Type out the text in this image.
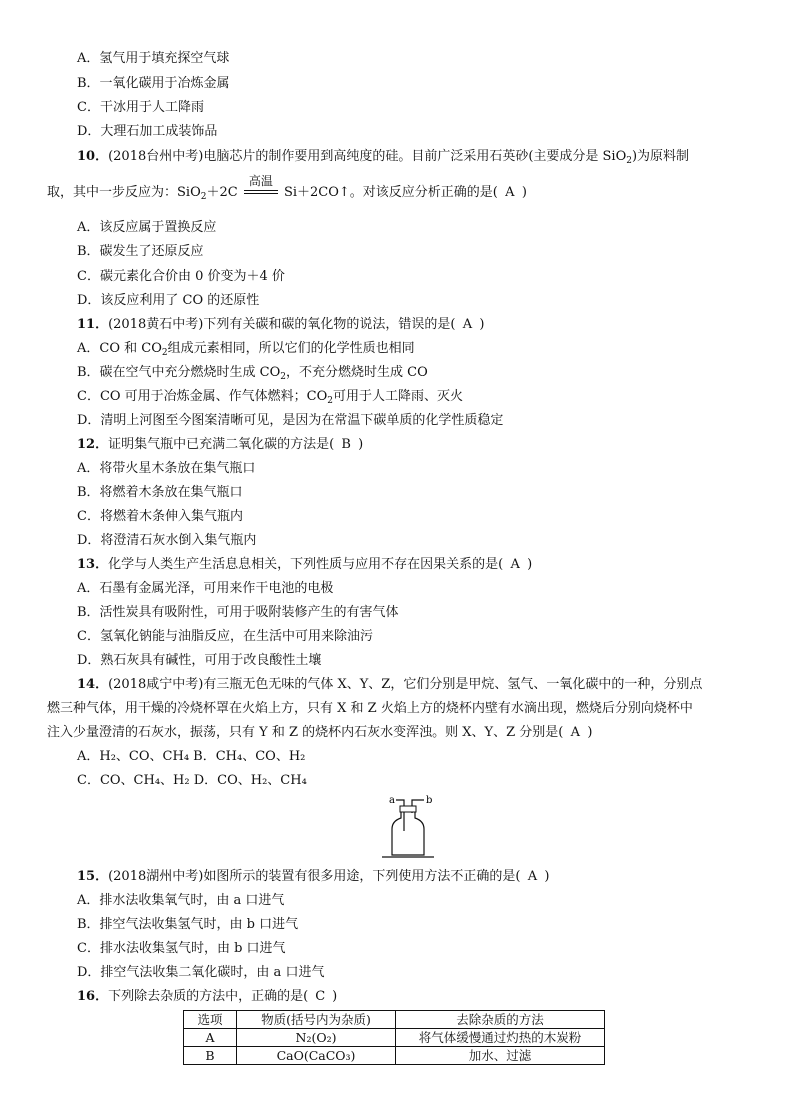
A．氢气用于填充探空气球
B．一氧化碳用于冶炼金属
C．干冰用于人工降雨
D．大理石加工成装饰品
10．(2018台州中考)电脑芯片的制作要用到高纯度的硅。目前广泛采用石英砂(主要成分是 SiO$_2$)为原料制
取，其中一步反应为：SiO$_2$＋2C
高温
Si＋2CO↑。对该反应分析正确的是( A )
A．该反应属于置换反应
B．碳发生了还原反应
C．碳元素化合价由 0 价变为＋4 价
D．该反应利用了 CO 的还原性
11．(2018黄石中考)下列有关碳和碳的氧化物的说法，错误的是( A )
A．CO 和 $CO_2$组成元素相同，所以它们的化学性质也相同
B．碳在空气中充分燃烧时生成 $CO_2$，不充分燃烧时生成 CO
C．CO 可用于冶炼金属、作气体燃料；$CO_2$可用于人工降雨、灭火
D．清明上河图至今图案清晰可见，是因为在常温下碳单质的化学性质稳定
12．证明集气瓶中已充满二氧化碳的方法是( B )
A．将带火星木条放在集气瓶口
B．将燃着木条放在集气瓶口
C．将燃着木条伸入集气瓶内
D．将澄清石灰水倒入集气瓶内
13．化学与人类生产生活息息相关，下列性质与应用不存在因果关系的是( A )
A．石墨有金属光泽，可用来作干电池的电极
B．活性炭具有吸附性，可用于吸附装修产生的有害气体
C．氢氧化钠能与油脂反应，在生活中可用来除油污
D．熟石灰具有碱性，可用于改良酸性土壤
14．(2018咸宁中考)有三瓶无色无味的气体 X、Y、Z，它们分别是甲烷、氢气、一氧化碳中的一种，分别点
燃三种气体，用干燥的冷烧杯罩在火焰上方，只有 X 和 Z 火焰上方的烧杯内壁有水滴出现，燃烧后分别向烧杯中
注入少量澄清的石灰水，振荡，只有 Y 和 Z 的烧杯内石灰水变浑浊。则 X、Y、Z 分别是( A )
A．H₂、CO、CH₄ B．CH₄、CO、H₂
C．CO、CH₄、H₂ D．CO、H₂、CH₄
a	b
15．(2018湖州中考)如图所示的装置有很多用途，下列使用方法不正确的是( A )
A．排水法收集氧气时，由 a 口进气
B．排空气法收集氢气时，由 b 口进气
C．排水法收集氢气时，由 b 口进气
D．排空气法收集二氧化碳时，由 a 口进气
16．下列除去杂质的方法中，正确的是( C )
选项	物质(括号内为杂质)	去除杂质的方法
A	N₂(O₂)	将气体缓慢通过灼热的木炭粉
B	CaO(CaCO₃)	加水、过滤
